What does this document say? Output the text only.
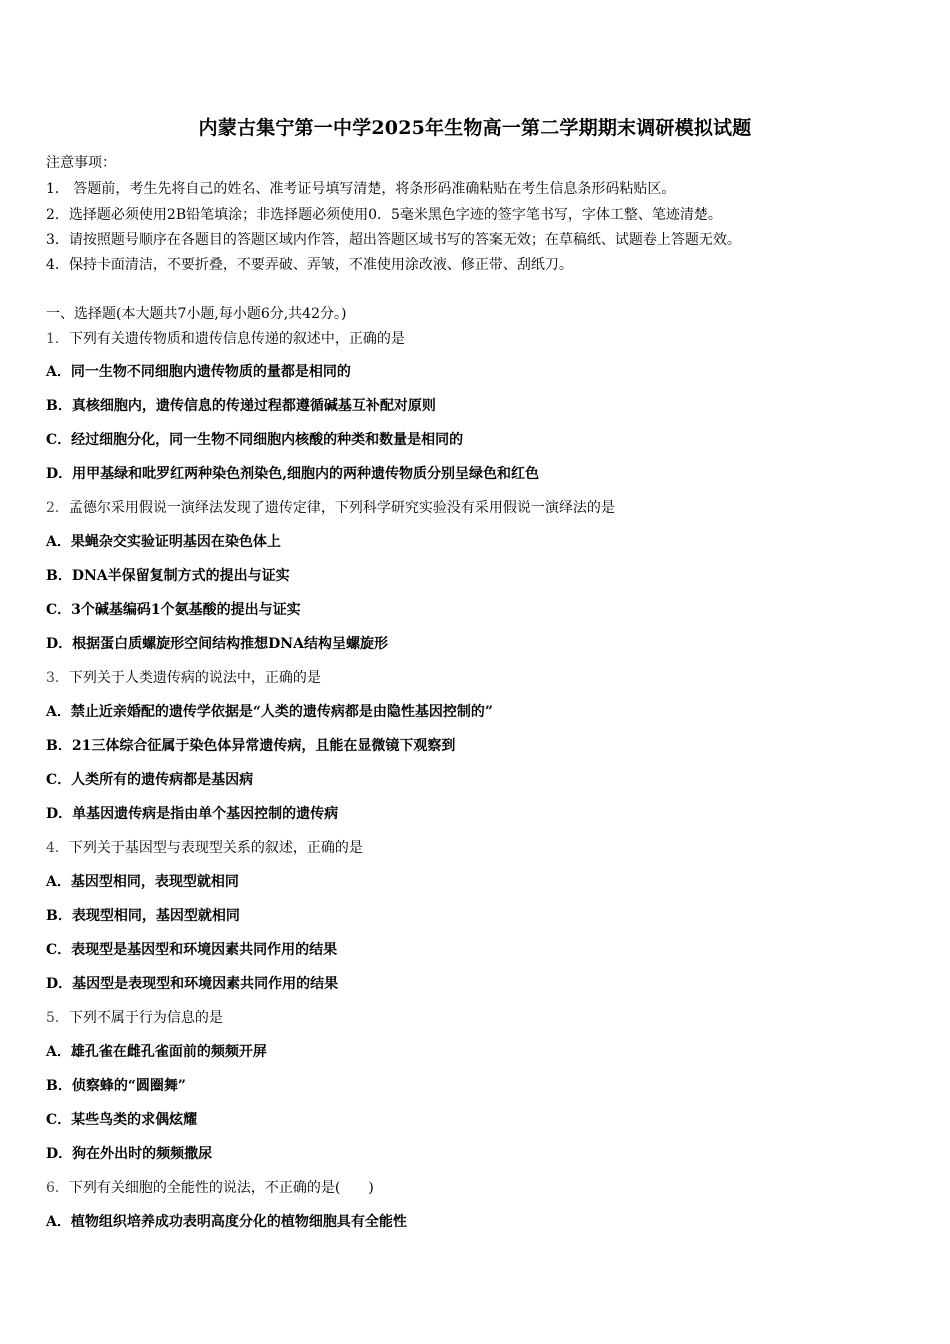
内蒙古集宁第一中学2025年生物高一第二学期期末调研模拟试题
注意事项：
1． 答题前，考生先将自己的姓名、准考证号填写清楚，将条形码准确粘贴在考生信息条形码粘贴区。
2．选择题必须使用2B铅笔填涂；非选择题必须使用0．5毫米黑色字迹的签字笔书写，字体工整、笔迹清楚。
3．请按照题号顺序在各题目的答题区域内作答，超出答题区域书写的答案无效；在草稿纸、试题卷上答题无效。
4．保持卡面清洁，不要折叠，不要弄破、弄皱，不准使用涂改液、修正带、刮纸刀。
一、选择题(本大题共7小题,每小题6分,共42分。)
1．下列有关遗传物质和遗传信息传递的叙述中，正确的是
A．同一生物不同细胞内遗传物质的量都是相同的
B．真核细胞内，遗传信息的传递过程都遵循碱基互补配对原则
C．经过细胞分化，同一生物不同细胞内核酸的种类和数量是相同的
D．用甲基绿和吡罗红两种染色剂染色,细胞内的两种遗传物质分别呈绿色和红色
2．孟德尔采用假说一演绎法发现了遗传定律，下列科学研究实验没有采用假说一演绎法的是
A．果蝇杂交实验证明基因在染色体上
B．DNA半保留复制方式的提出与证实
C．3个碱基编码1个氨基酸的提出与证实
D．根据蛋白质螺旋形空间结构推想DNA结构呈螺旋形
3．下列关于人类遗传病的说法中，正确的是
A．禁止近亲婚配的遗传学依据是“人类的遗传病都是由隐性基因控制的”
B．21三体综合征属于染色体异常遗传病，且能在显微镜下观察到
C．人类所有的遗传病都是基因病
D．单基因遗传病是指由单个基因控制的遗传病
4．下列关于基因型与表现型关系的叙述，正确的是
A．基因型相同，表现型就相同
B．表现型相同，基因型就相同
C．表现型是基因型和环境因素共同作用的结果
D．基因型是表现型和环境因素共同作用的结果
5．下列不属于行为信息的是
A．雄孔雀在雌孔雀面前的频频开屏
B．侦察蜂的“圆圈舞”
C．某些鸟类的求偶炫耀
D．狗在外出时的频频撒尿
6．下列有关细胞的全能性的说法，不正确的是(　　)
A．植物组织培养成功表明高度分化的植物细胞具有全能性
